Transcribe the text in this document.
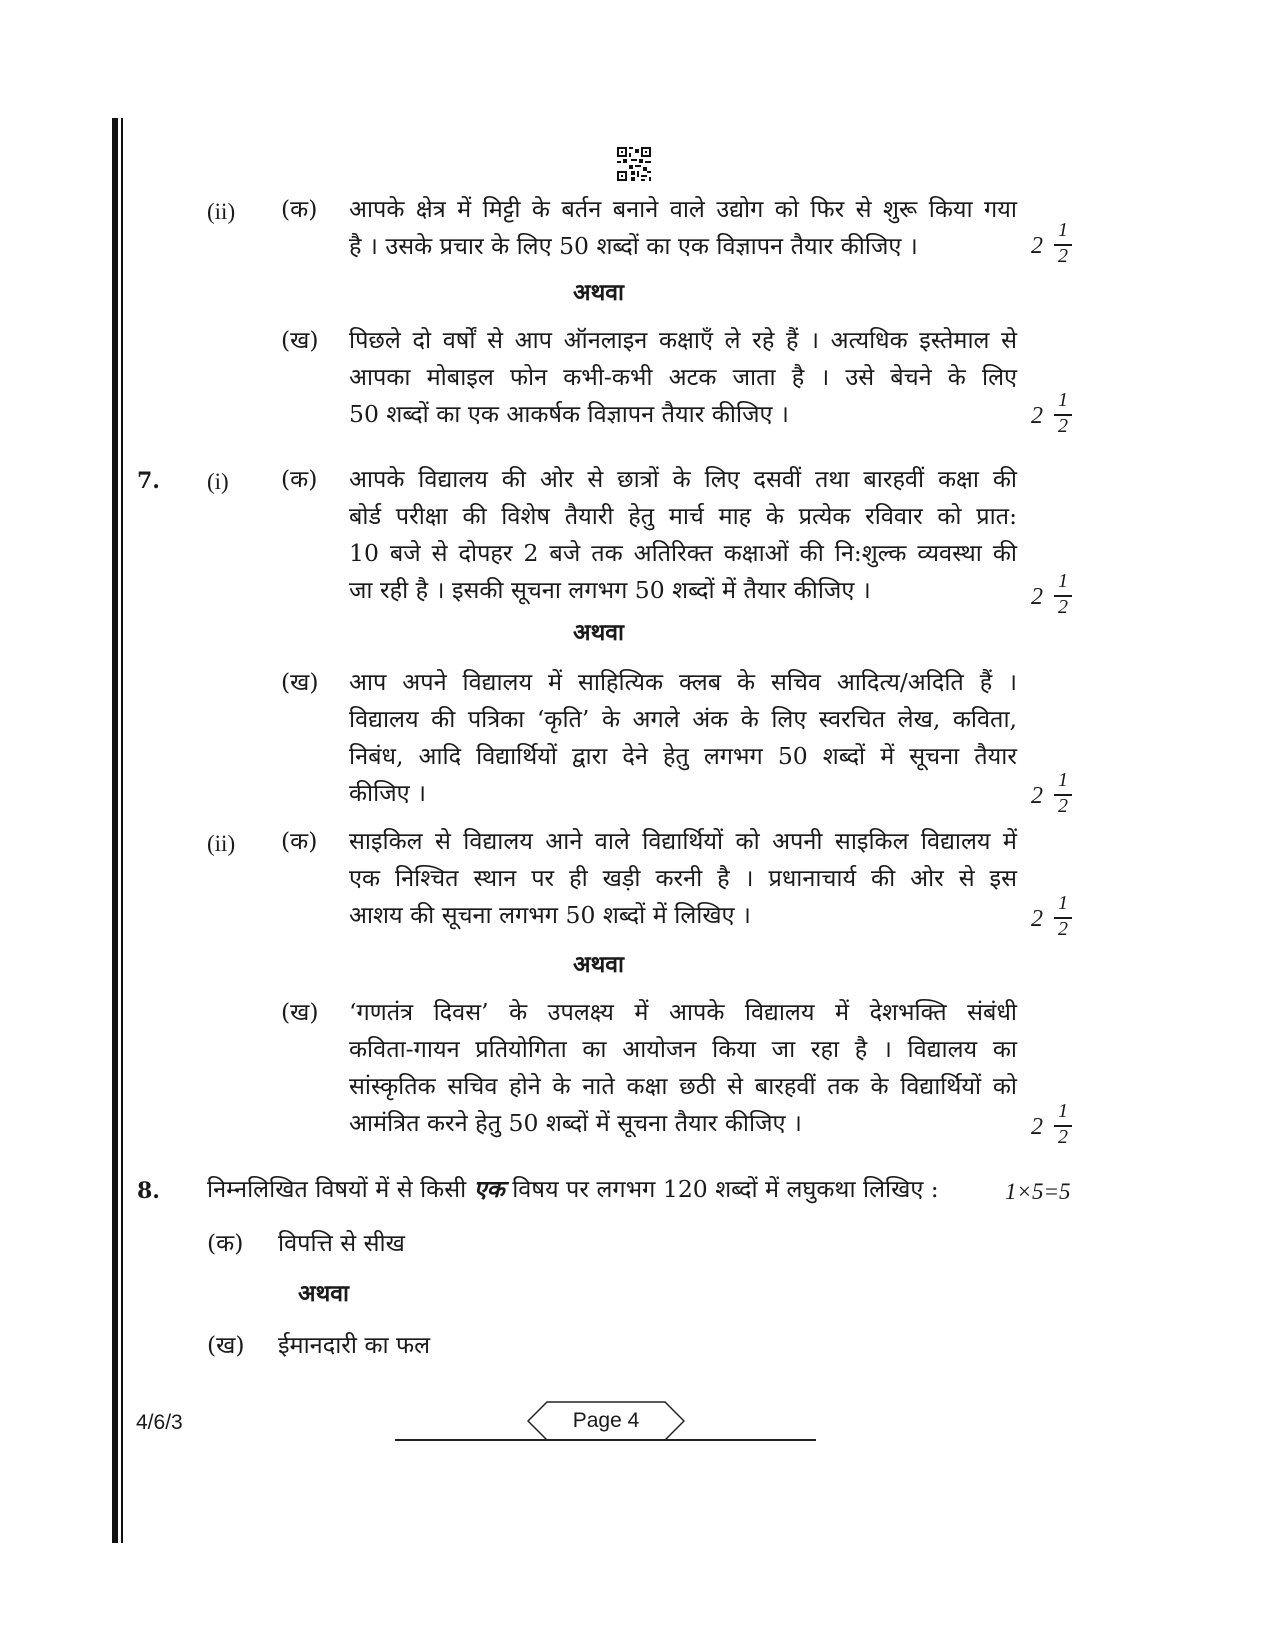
(ii) (क) आपके क्षेत्र में मिट्टी के बर्तन बनाने वाले उद्योग को फिर से शुरू किया गया
है । उसके प्रचार के लिए 50 शब्दों का एक विज्ञापन तैयार कीजिए ।	2
1
2
अथवा
(ख) पिछले दो वर्षों से आप ऑनलाइन कक्षाएँ ले रहे हैं । अत्यधिक इस्तेमाल से
आपका मोबाइल फोन कभी-कभी अटक जाता है । उसे बेचने के लिए
50 शब्दों का एक आकर्षक विज्ञापन तैयार कीजिए ।	2
1
2
7. (i) (क) आपके विद्यालय की ओर से छात्रों के लिए दसवीं तथा बारहवीं कक्षा की
बोर्ड परीक्षा की विशेष तैयारी हेतु मार्च माह के प्रत्येक रविवार को प्रात:
10 बजे से दोपहर 2 बजे तक अतिरिक्त कक्षाओं की नि:शुल्क व्यवस्था की
जा रही है । इसकी सूचना लगभग 50 शब्दों में तैयार कीजिए ।	2
1
2
अथवा
(ख) आप अपने विद्यालय में साहित्यिक क्लब के सचिव आदित्य/अदिति हैं ।
विद्यालय की पत्रिका ‘कृति’ के अगले अंक के लिए स्वरचित लेख, कविता,
निबंध, आदि विद्यार्थियों द्वारा देने हेतु लगभग 50 शब्दों में सूचना तैयार
कीजिए ।	2
1
2
(ii) (क) साइकिल से विद्यालय आने वाले विद्यार्थियों को अपनी साइकिल विद्यालय में
एक निश्चित स्थान पर ही खड़ी करनी है । प्रधानाचार्य की ओर से इस
आशय की सूचना लगभग 50 शब्दों में लिखिए ।	2
1
2
अथवा
(ख) ‘गणतंत्र दिवस’ के उपलक्ष्य में आपके विद्यालय में देशभक्ति संबंधी
कविता-गायन प्रतियोगिता का आयोजन किया जा रहा है । विद्यालय का
सांस्कृतिक सचिव होने के नाते कक्षा छठी से बारहवीं तक के विद्यार्थियों को
आमंत्रित करने हेतु 50 शब्दों में सूचना तैयार कीजिए ।	2
1
2
8. निम्नलिखित विषयों में से किसी एक विषय पर लगभग 120 शब्दों में लघुकथा लिखिए :	1×5=5
(क) विपत्ति से सीख
अथवा
(ख) ईमानदारी का फल
4/6/3	Page 4
